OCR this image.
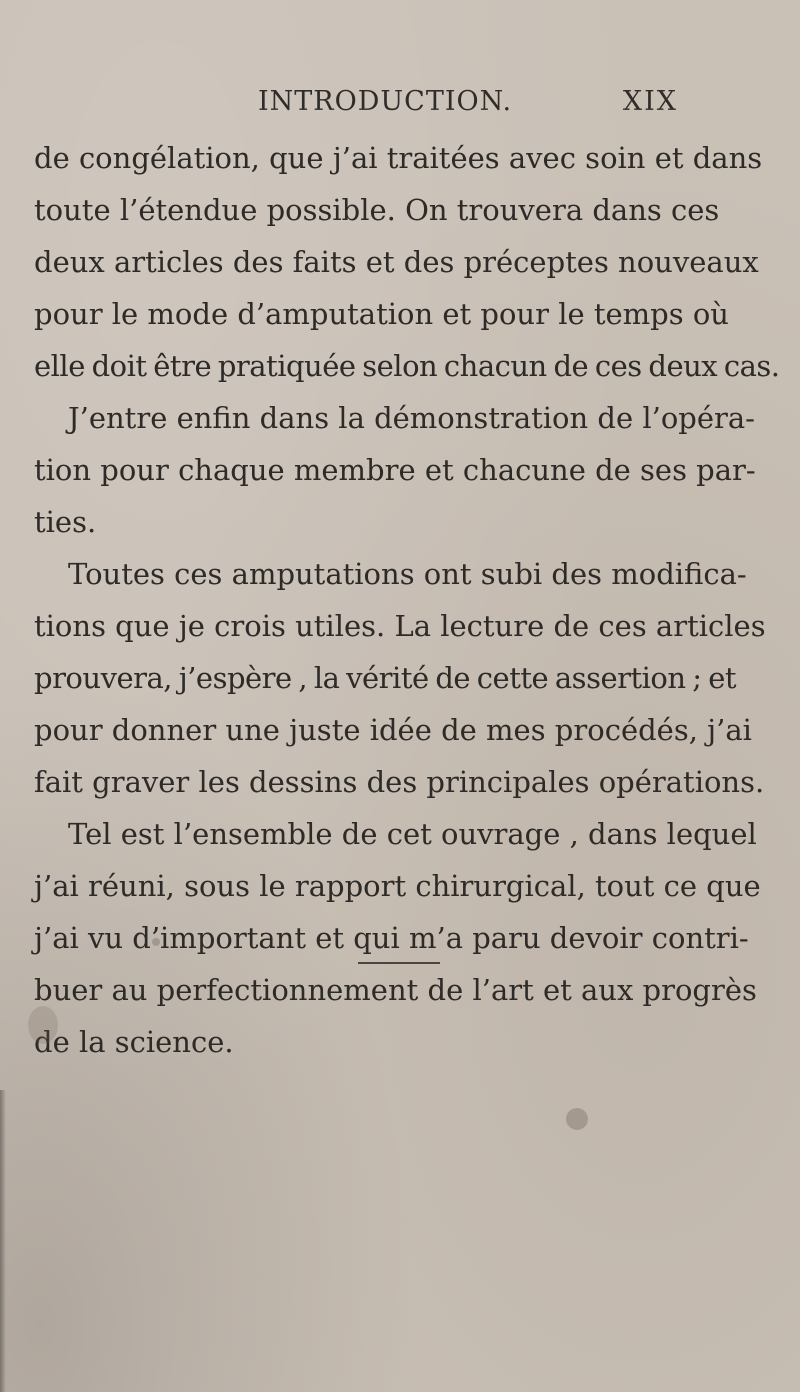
INTRODUCTION.	XIX
de congélation, que j’ai traitées avec soin et dans
toute l’étendue possible. On trouvera dans ces
deux articles des faits et des préceptes nouveaux
pour le mode d’amputation et pour le temps où
elle doit être pratiquée selon chacun de ces deux cas.
J’entre enfin dans la démonstration de l’opéra-
tion pour chaque membre et chacune de ses par-
ties.
Toutes ces amputations ont subi des modifica-
tions que je crois utiles. La lecture de ces articles
prouvera, j’espère , la vérité de cette assertion ; et
pour donner une juste idée de mes procédés, j’ai
fait graver les dessins des principales opérations.
Tel est l’ensemble de cet ouvrage , dans lequel
j’ai réuni, sous le rapport chirurgical, tout ce que
j’ai vu d’important et qui m’a paru devoir contri-
buer au perfectionnement de l’art et aux progrès
de la science.
